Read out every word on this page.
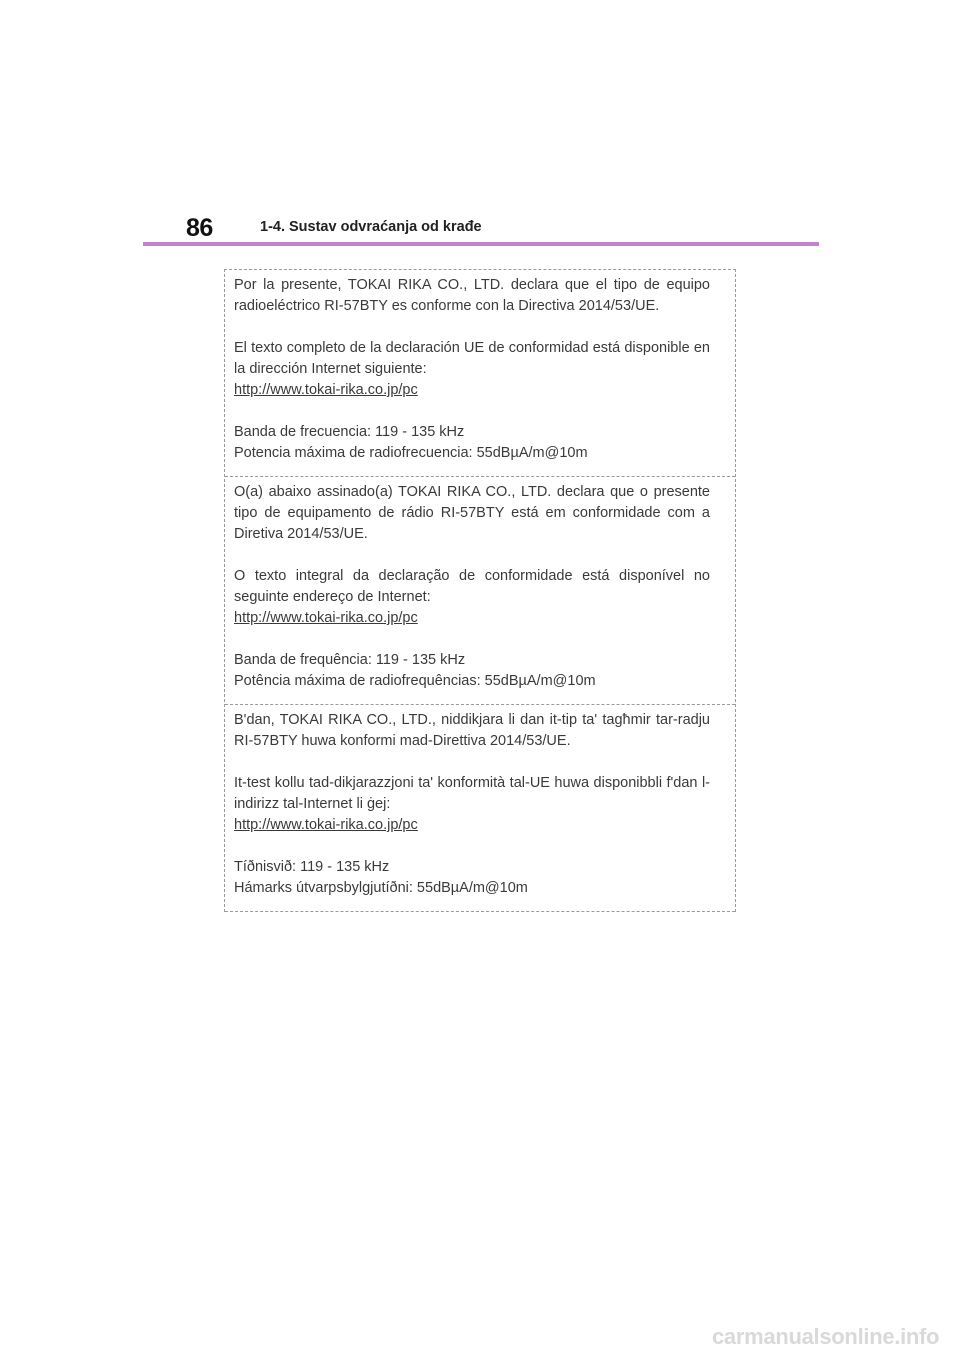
86	1-4. Sustav odvraćanja od krađe

Por la presente, TOKAI RIKA CO., LTD. declara que el tipo de equipo radioeléctrico RI-57BTY es conforme con la Directiva 2014/53/UE.

El texto completo de la declaración UE de conformidad está disponible en la dirección Internet siguiente:
http://www.tokai-rika.co.jp/pc

Banda de frecuencia: 119 - 135 kHz
Potencia máxima de radiofrecuencia: 55dBµA/m@10m

O(a) abaixo assinado(a) TOKAI RIKA CO., LTD. declara que o presente tipo de equipamento de rádio RI-57BTY está em conformidade com a Diretiva 2014/53/UE.

O texto integral da declaração de conformidade está disponível no seguinte endereço de Internet:
http://www.tokai-rika.co.jp/pc

Banda de frequência: 119 - 135 kHz
Potência máxima de radiofrequências: 55dBµA/m@10m

B'dan, TOKAI RIKA CO., LTD., niddikjara li dan it-tip ta' tagħmir tar-radju RI-57BTY huwa konformi mad-Direttiva 2014/53/UE.

It-test kollu tad-dikjarazzjoni ta' konformità tal-UE huwa disponibbli f'dan l-indirizz tal-Internet li ġej:
http://www.tokai-rika.co.jp/pc

Tíðnisvið: 119 - 135 kHz
Hámarks útvarpsbylgjutíðni: 55dBµA/m@10m

carmanualsonline.info
